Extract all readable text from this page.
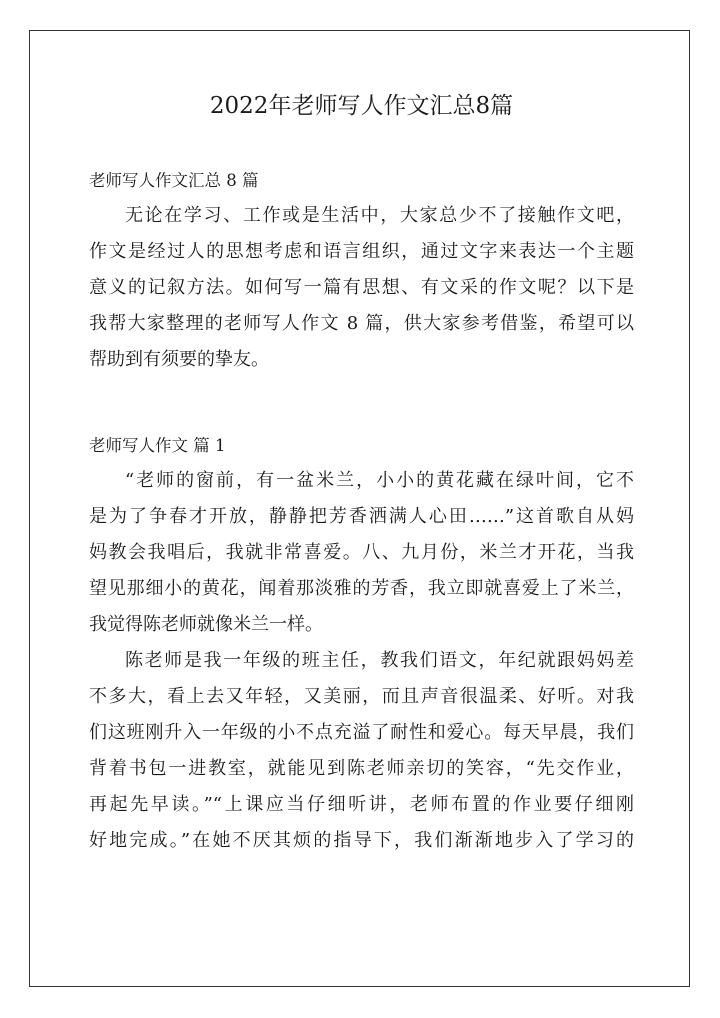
2022年老师写人作文汇总8篇

老师写人作文汇总 8 篇

无论在学习、工作或是生活中，大家总少不了接触作文吧，

作文是经过人的思想考虑和语言组织，通过文字来表达一个主题

意义的记叙方法。如何写一篇有思想、有文采的作文呢？以下是

我帮大家整理的老师写人作文 8 篇，供大家参考借鉴，希望可以

帮助到有须要的挚友。

老师写人作文 篇 1

“老师的窗前，有一盆米兰，小小的黄花藏在绿叶间，它不

是为了争春才开放，静静把芳香洒满人心田……”这首歌自从妈

妈教会我唱后，我就非常喜爱。八、九月份，米兰才开花，当我

望见那细小的黄花，闻着那淡雅的芳香，我立即就喜爱上了米兰，

我觉得陈老师就像米兰一样。

陈老师是我一年级的班主任，教我们语文，年纪就跟妈妈差

不多大，看上去又年轻，又美丽，而且声音很温柔、好听。对我

们这班刚升入一年级的小不点充溢了耐性和爱心。每天早晨，我们

背着书包一进教室，就能见到陈老师亲切的笑容，“先交作业，

再起先早读。”“上课应当仔细听讲，老师布置的作业要仔细刚

好地完成。”在她不厌其烦的指导下，我们渐渐地步入了学习的
